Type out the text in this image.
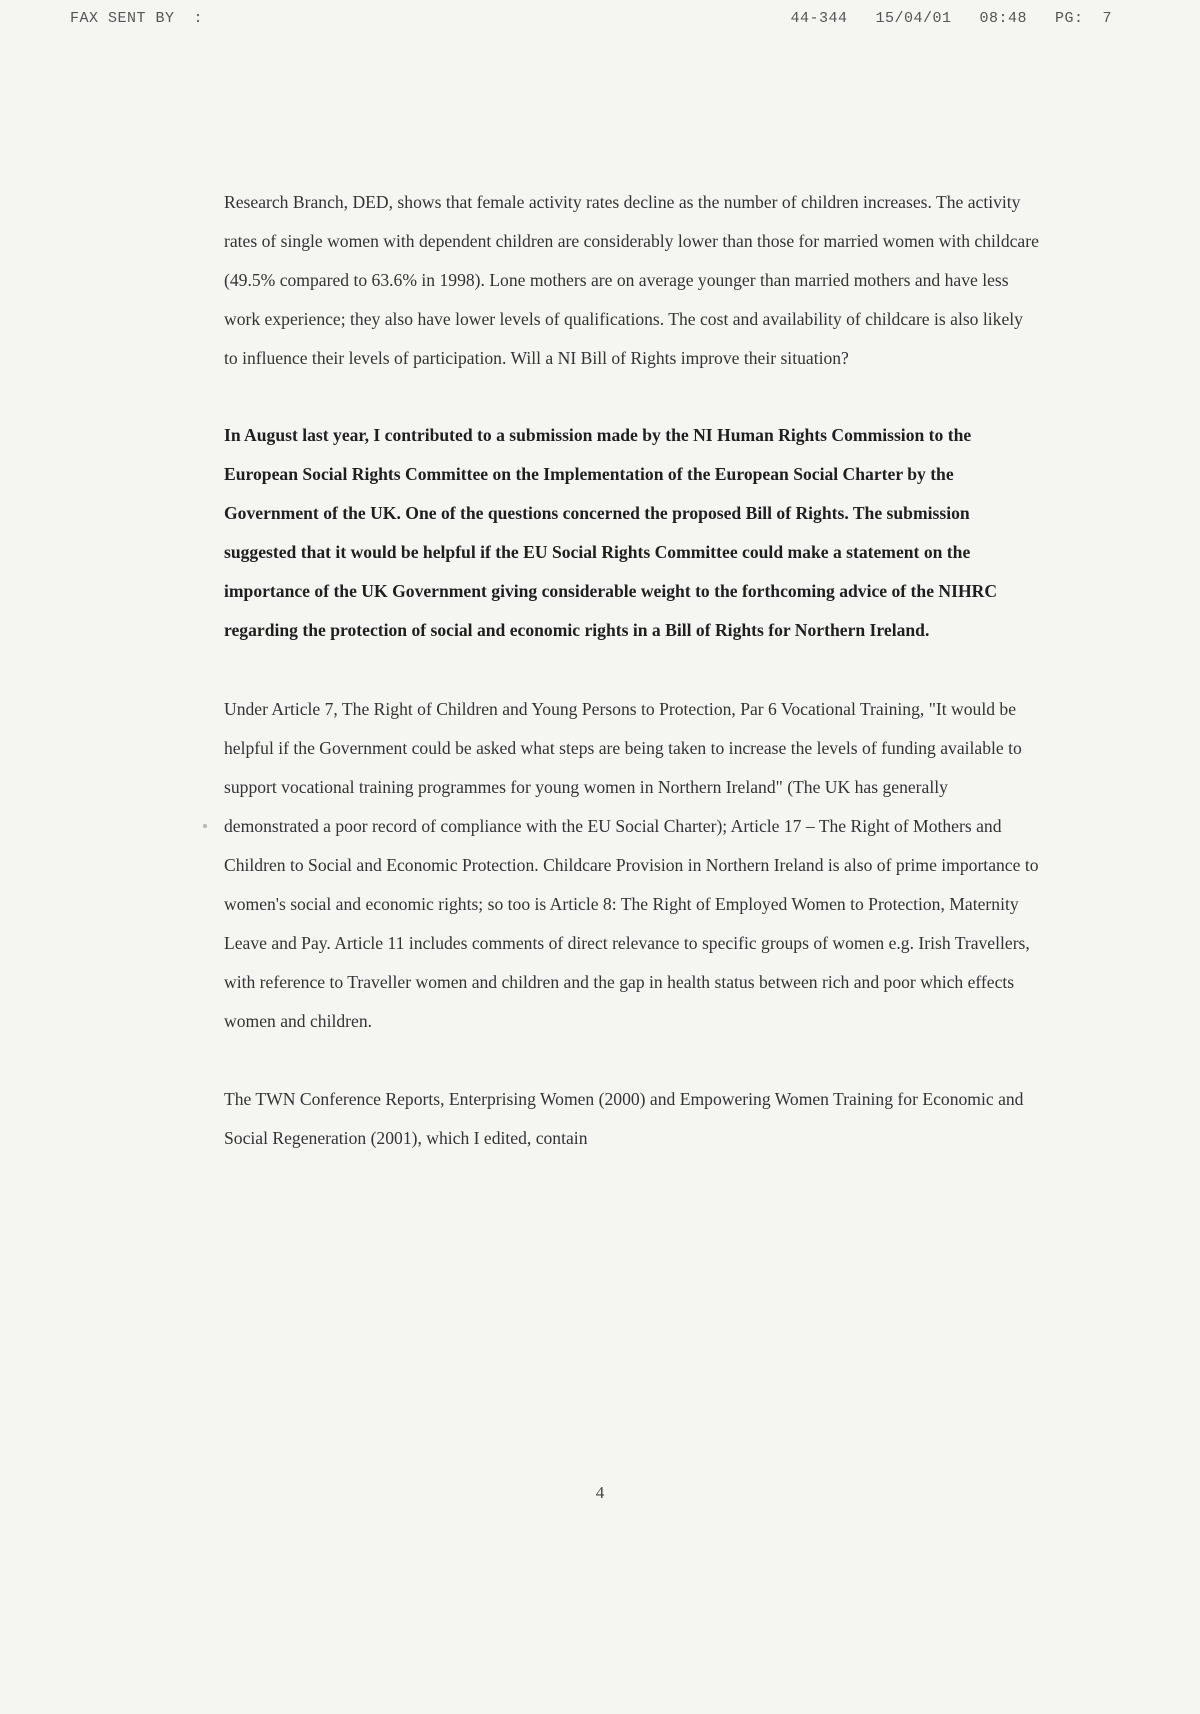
FAX SENT BY  :	44-344 15/04/01 08:48 PG:  7

Research Branch, DED, shows that female activity rates decline as the number of children increases. The activity rates of single women with dependent children are considerably lower than those for married women with childcare (49.5% compared to 63.6% in 1998). Lone mothers are on average younger than married mothers and have less work experience; they also have lower levels of qualifications. The cost and availability of childcare is also likely to influence their levels of participation. Will a NI Bill of Rights improve their situation?

In August last year, I contributed to a submission made by the NI Human Rights Commission to the European Social Rights Committee on the Implementation of the European Social Charter by the Government of the UK. One of the questions concerned the proposed Bill of Rights. The submission suggested that it would be helpful if the EU Social Rights Committee could make a statement on the importance of the UK Government giving considerable weight to the forthcoming advice of the NIHRC regarding the protection of social and economic rights in a Bill of Rights for Northern Ireland.

Under Article 7, The Right of Children and Young Persons to Protection, Par 6 Vocational Training, "It would be helpful if the Government could be asked what steps are being taken to increase the levels of funding available to support vocational training programmes for young women in Northern Ireland" (The UK has generally demonstrated a poor record of compliance with the EU Social Charter); Article 17 – The Right of Mothers and Children to Social and Economic Protection. Childcare Provision in Northern Ireland is also of prime importance to women's social and economic rights; so too is Article 8: The Right of Employed Women to Protection, Maternity Leave and Pay. Article 11 includes comments of direct relevance to specific groups of women e.g. Irish Travellers, with reference to Traveller women and children and the gap in health status between rich and poor which effects women and children.

The TWN Conference Reports, Enterprising Women (2000) and Empowering Women Training for Economic and Social Regeneration (2001), which I edited, contain

4
